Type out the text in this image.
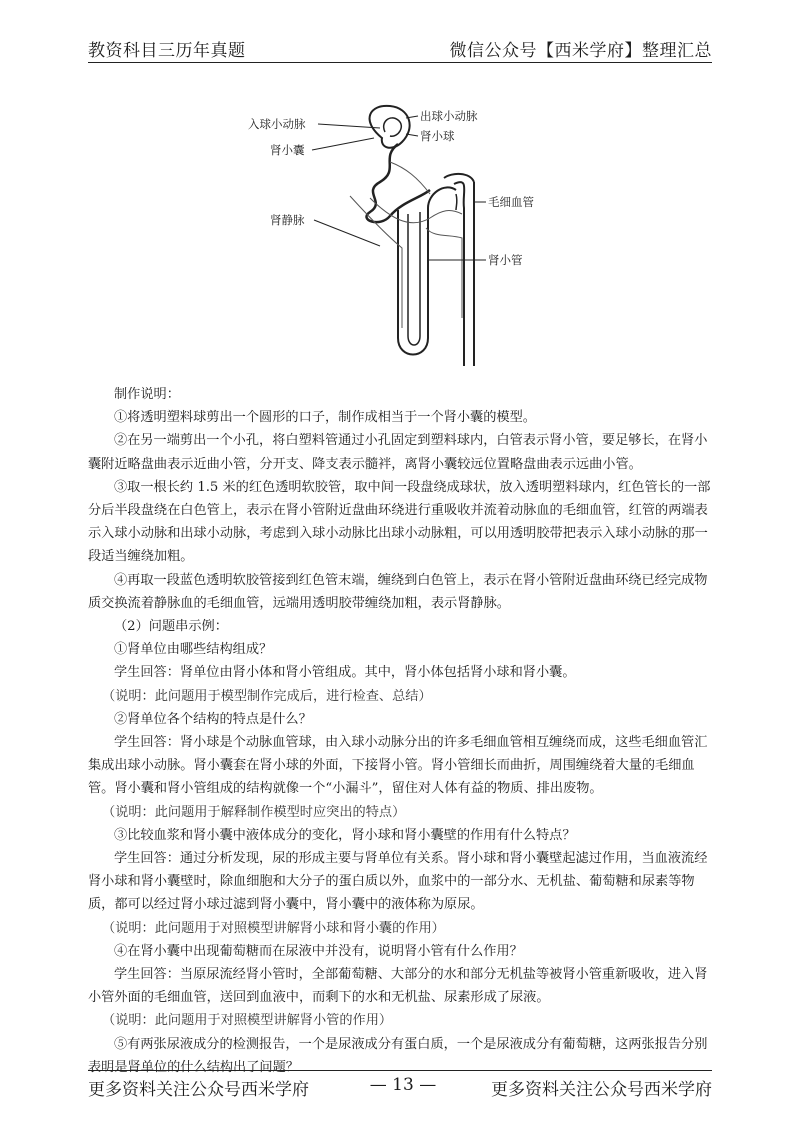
教资科目三历年真题	微信公众号【西米学府】整理汇总
入球小动脉
出球小动脉
肾小球
肾小囊
毛细血管
肾静脉
肾小管

制作说明：

①将透明塑料球剪出一个圆形的口子，制作成相当于一个肾小囊的模型。

②在另一端剪出一个小孔，将白塑料管通过小孔固定到塑料球内，白管表示肾小管，要足够长，在肾小囊附近略盘曲表示近曲小管，分开支、降支表示髓袢，离肾小囊较远位置略盘曲表示远曲小管。

③取一根长约 1.5 米的红色透明软胶管，取中间一段盘绕成球状，放入透明塑料球内，红色管长的一部分后半段盘绕在白色管上，表示在肾小管附近盘曲环绕进行重吸收并流着动脉血的毛细血管，红管的两端表示入球小动脉和出球小动脉，考虑到入球小动脉比出球小动脉粗，可以用透明胶带把表示入球小动脉的那一段适当缠绕加粗。

④再取一段蓝色透明软胶管接到红色管末端，缠绕到白色管上，表示在肾小管附近盘曲环绕已经完成物质交换流着静脉血的毛细血管，远端用透明胶带缠绕加粗，表示肾静脉。

（2）问题串示例：

①肾单位由哪些结构组成？

学生回答：肾单位由肾小体和肾小管组成。其中，肾小体包括肾小球和肾小囊。

（说明：此问题用于模型制作完成后，进行检查、总结）

②肾单位各个结构的特点是什么？

学生回答：肾小球是个动脉血管球，由入球小动脉分出的许多毛细血管相互缠绕而成，这些毛细血管汇集成出球小动脉。肾小囊套在肾小球的外面，下接肾小管。肾小管细长而曲折，周围缠绕着大量的毛细血管。肾小囊和肾小管组成的结构就像一个“小漏斗”，留住对人体有益的物质、排出废物。

（说明：此问题用于解释制作模型时应突出的特点）

③比较血浆和肾小囊中液体成分的变化，肾小球和肾小囊壁的作用有什么特点？

学生回答：通过分析发现，尿的形成主要与肾单位有关系。肾小球和肾小囊壁起滤过作用，当血液流经肾小球和肾小囊壁时，除血细胞和大分子的蛋白质以外，血浆中的一部分水、无机盐、葡萄糖和尿素等物质，都可以经过肾小球过滤到肾小囊中，肾小囊中的液体称为原尿。

（说明：此问题用于对照模型讲解肾小球和肾小囊的作用）

④在肾小囊中出现葡萄糖而在尿液中并没有，说明肾小管有什么作用？

学生回答：当原尿流经肾小管时，全部葡萄糖、大部分的水和部分无机盐等被肾小管重新吸收，进入肾小管外面的毛细血管，送回到血液中，而剩下的水和无机盐、尿素形成了尿液。

（说明：此问题用于对照模型讲解肾小管的作用）

⑤有两张尿液成分的检测报告，一个是尿液成分有蛋白质，一个是尿液成分有葡萄糖，这两张报告分别表明是肾单位的什么结构出了问题？

更多资料关注公众号西米学府	— 13 —	更多资料关注公众号西米学府
